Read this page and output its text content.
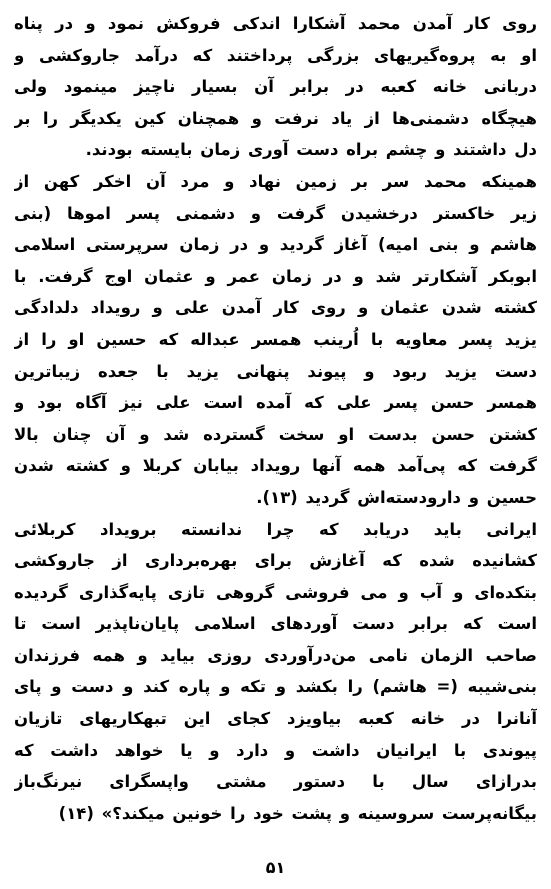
روی کار آمدن محمد آشکارا اندکی فروکش نمود و در پناه
او به پروه‌گیریهای بزرگی پرداختند که درآمد جاروکشی و
دربانی خانه کعبه در برابر آن بسیار ناچیز مینمود ولی
هیچگاه دشمنی‌ها از یاد نرفت و همچنان کین یکدیگر را بر
دل داشتند و چشم براه دست آوری زمان بایسته بودند.
همینکه محمد سر بر زمین نهاد و مرد آن اخکر کهن از
زیر خاکستر درخشیدن گرفت و دشمنی پسر امو‌ها (بنی
هاشم و بنی امیه) آغاز گردید و در زمان سرپرستی اسلامی
ابوبکر آشکارتر شد و در زمان عمر و عثمان اوج گرفت. با
کشته شدن عثمان و روی کار آمدن علی و رویداد دلدادگی
یزید پسر معاویه با اُرینب همسر عبداله که حسین او را از
دست یزید ربود و پیوند پنهانی یزید با جعده زیباترین
همسر حسن پسر علی که آمده است علی نیز آگاه بود و
کشتن حسن بدست او سخت گسترده شد و آن چنان بالا
گرفت که پی‌آمد همه آنها رویداد بیابان کربلا و کشته شدن
حسین و دارودسته‌اش گردید (۱۳).
ایرانی باید دریابد که چرا ندانسته برویداد کربلائی
کشانیده شده که آغازش برای بهره‌برداری از جاروکشی
بتکده‌ای و آب و می فروشی گروهی تازی پایه‌گذاری گردیده
است که برابر دست آوردهای اسلامی پایان‌ناپذیر است تا
صاحب الزمان نامی من‌درآوردی روزی بیاید و همه فرزندان
بنی‌شیبه (= هاشم) را بکشد و تکه و پاره کند و دست و پای
آنانرا در خانه کعبه بیاویزد کجای این تبهکاریهای تازیان
پیوندی با ایرانیان داشت و دارد و یا خواهد داشت که
بدرازای سال با دستور مشتی واپسگرای نیرنگ‌باز
بیگانه‌پرست سروسینه و پشت خود را خونین میکند؟» (۱۴)
۵۱
